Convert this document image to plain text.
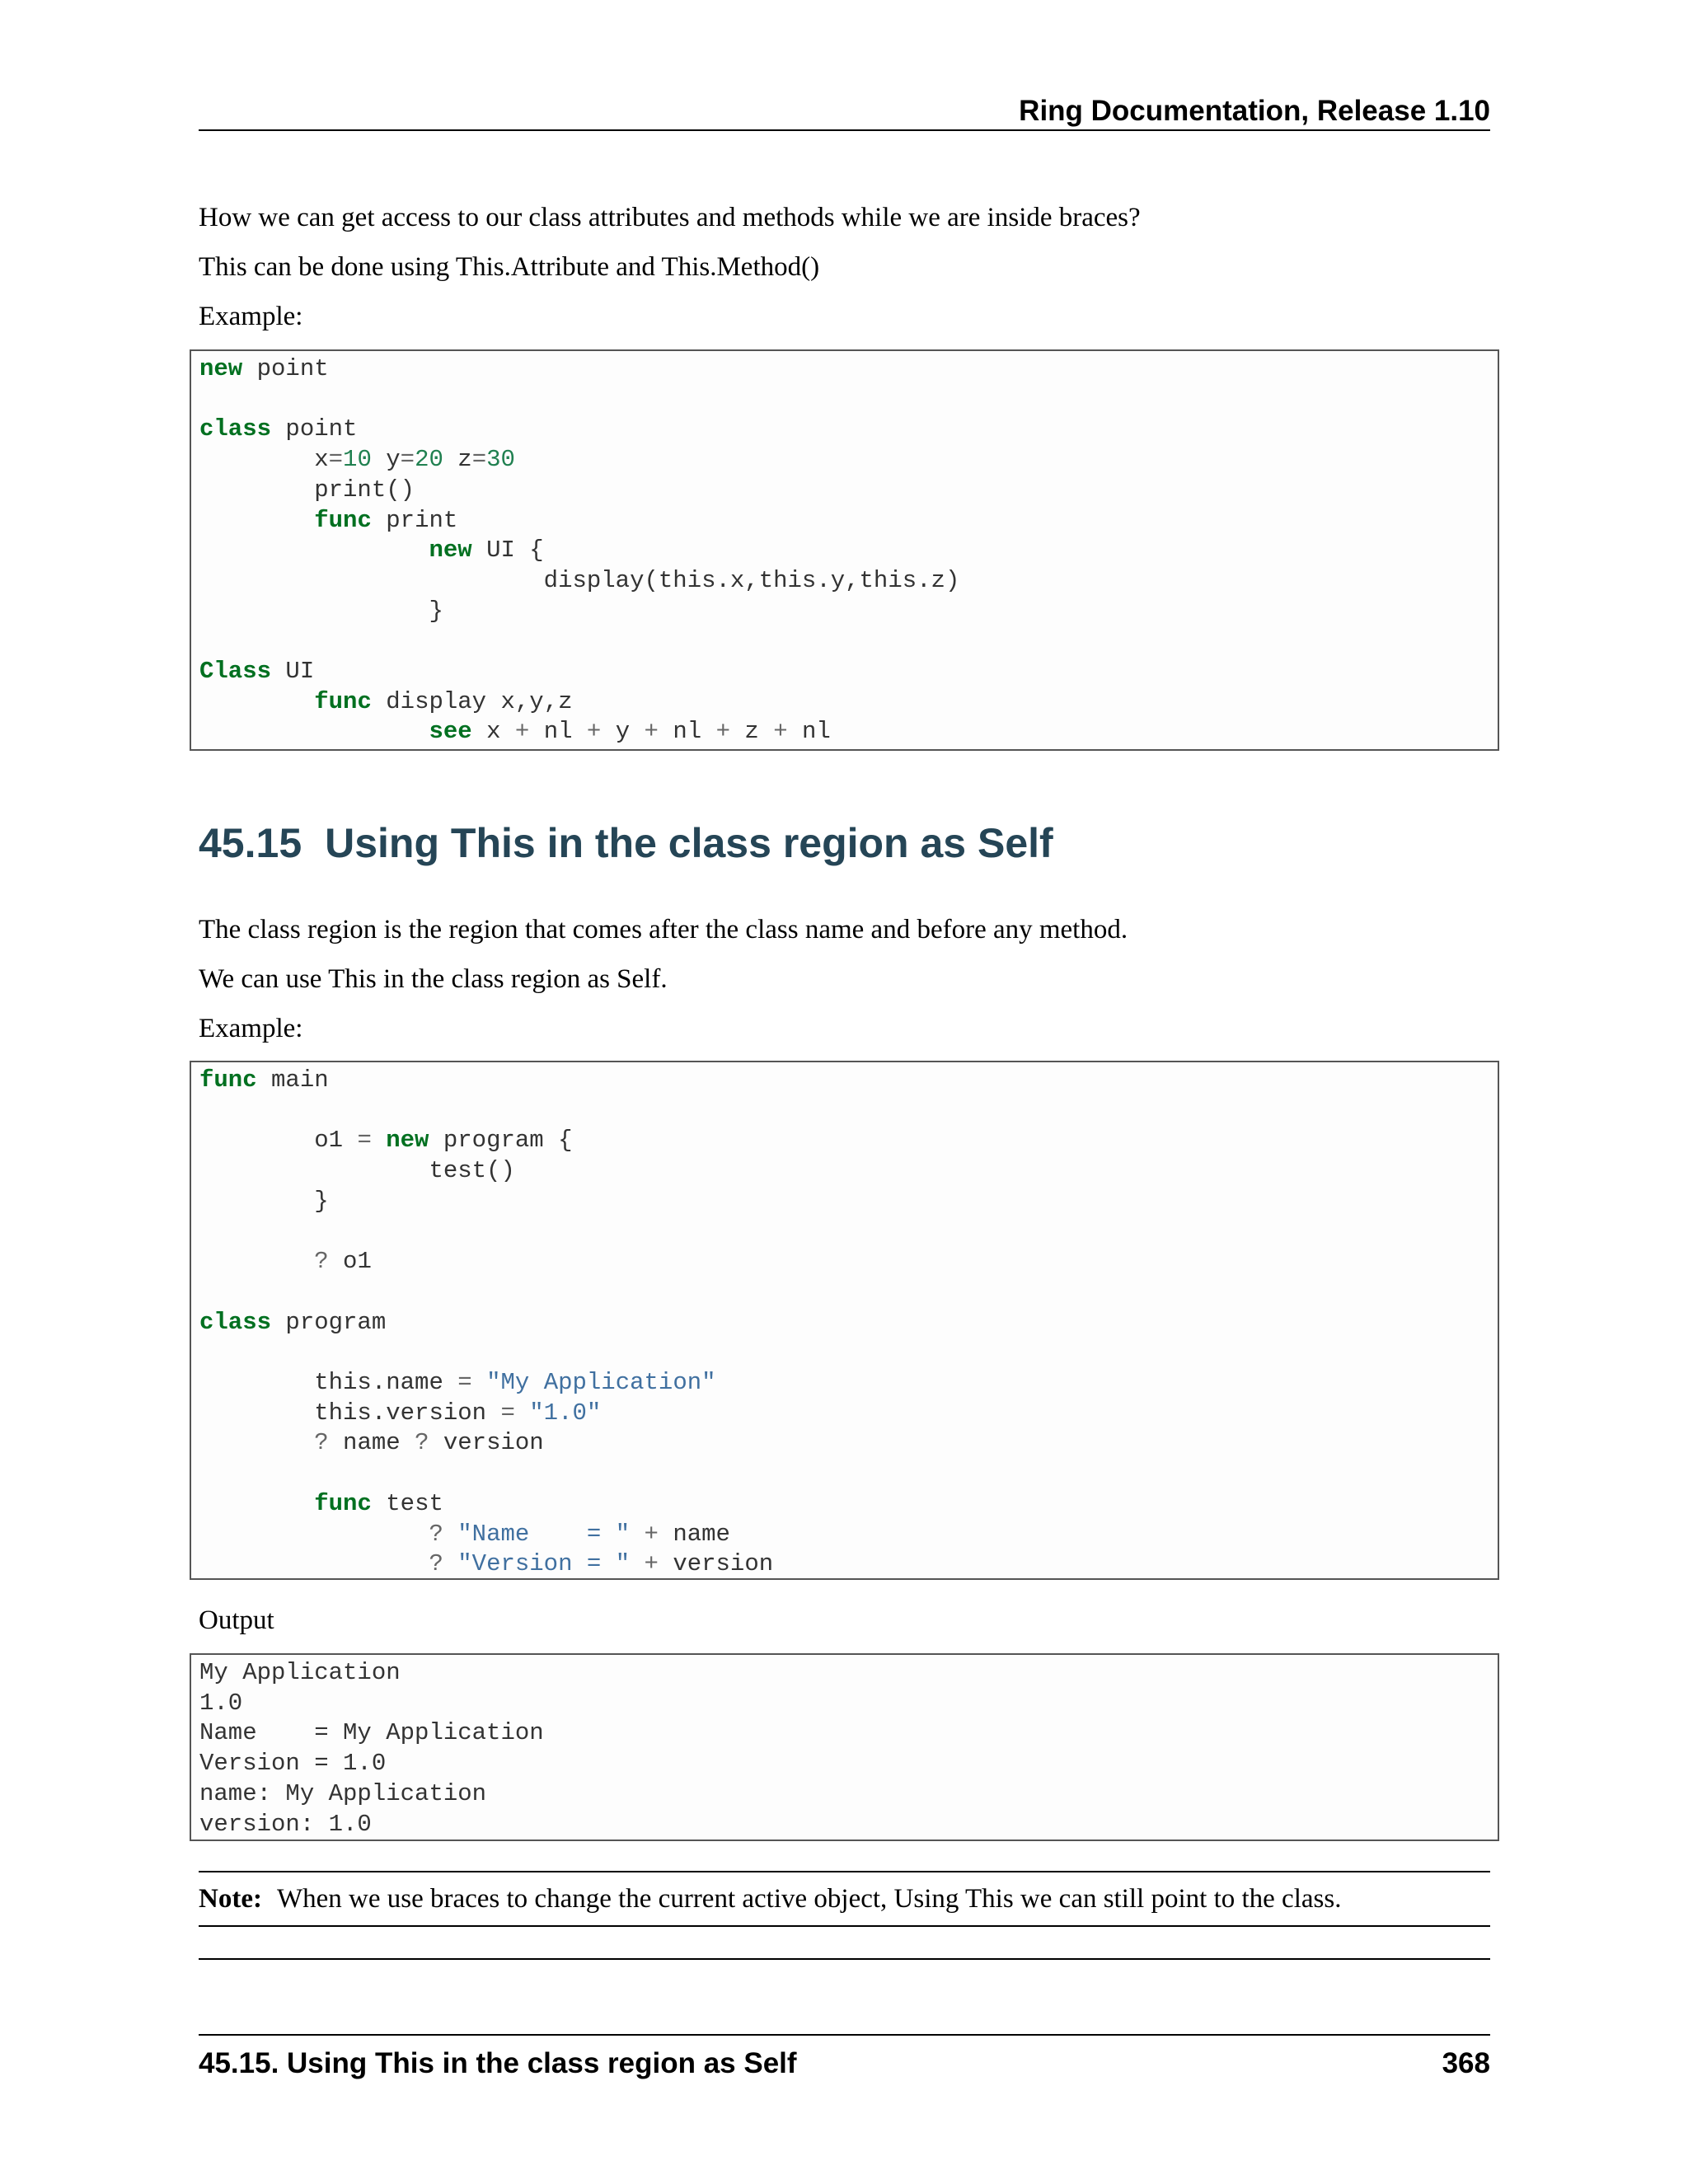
Ring Documentation, Release 1.10

How we can get access to our class attributes and methods while we are inside braces?

This can be done using This.Attribute and This.Method()

Example:

new point

class point
x=10 y=20 z=30
print()
func print
new UI {
display(this.x,this.y,this.z)
}

Class UI
func display x,y,z
see x + nl + y + nl + z + nl
45.15 Using This in the class region as Self

The class region is the region that comes after the class name and before any method.

We can use This in the class region as Self.

Example:

func main

o1 = new program {
test()
}

? o1

class program

this.name = "My Application"
this.version = "1.0"
? name ? version

func test
? "Name    = " + name
? "Version = " + version

Output

My Application
1.0
Name    = My Application
Version = 1.0
name: My Application
version: 1.0
Note: When we use braces to change the current active object, Using This we can still point to the class.
45.15. Using This in the class region as Self	368
